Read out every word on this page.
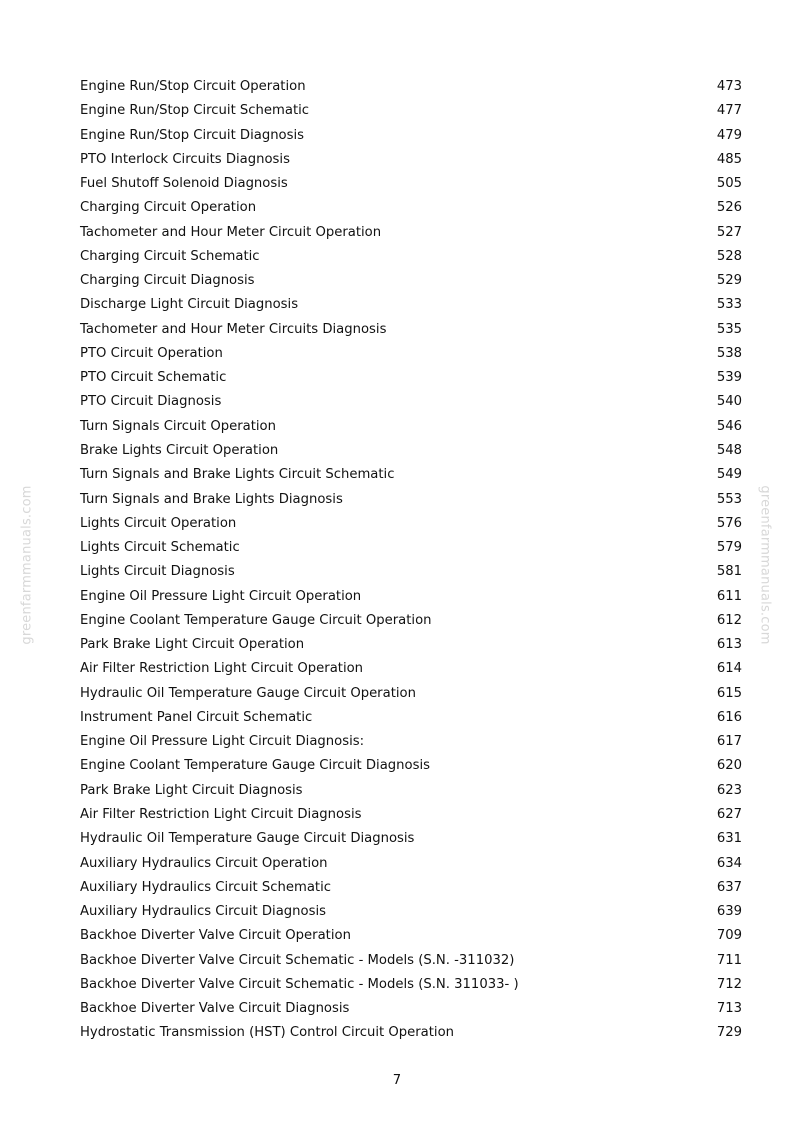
greenfarmmanuals.com	greenfarmmanuals.com
Engine Run/Stop Circuit Operation	473
Engine Run/Stop Circuit Schematic	477
Engine Run/Stop Circuit Diagnosis	479
PTO Interlock Circuits Diagnosis	485
Fuel Shutoff Solenoid Diagnosis	505
Charging Circuit Operation	526
Tachometer and Hour Meter Circuit Operation	527
Charging Circuit Schematic	528
Charging Circuit Diagnosis	529
Discharge Light Circuit Diagnosis	533
Tachometer and Hour Meter Circuits Diagnosis	535
PTO Circuit Operation	538
PTO Circuit Schematic	539
PTO Circuit Diagnosis	540
Turn Signals Circuit Operation	546
Brake Lights Circuit Operation	548
Turn Signals and Brake Lights Circuit Schematic	549
Turn Signals and Brake Lights Diagnosis	553
Lights Circuit Operation	576
Lights Circuit Schematic	579
Lights Circuit Diagnosis	581
Engine Oil Pressure Light Circuit Operation	611
Engine Coolant Temperature Gauge Circuit Operation	612
Park Brake Light Circuit Operation	613
Air Filter Restriction Light Circuit Operation	614
Hydraulic Oil Temperature Gauge Circuit Operation	615
Instrument Panel Circuit Schematic	616
Engine Oil Pressure Light Circuit Diagnosis:	617
Engine Coolant Temperature Gauge Circuit Diagnosis	620
Park Brake Light Circuit Diagnosis	623
Air Filter Restriction Light Circuit Diagnosis	627
Hydraulic Oil Temperature Gauge Circuit Diagnosis	631
Auxiliary Hydraulics Circuit Operation	634
Auxiliary Hydraulics Circuit Schematic	637
Auxiliary Hydraulics Circuit Diagnosis	639
Backhoe Diverter Valve Circuit Operation	709
Backhoe Diverter Valve Circuit Schematic - Models (S.N. -311032)	711
Backhoe Diverter Valve Circuit Schematic - Models (S.N. 311033- )	712
Backhoe Diverter Valve Circuit Diagnosis	713
Hydrostatic Transmission (HST) Control Circuit Operation	729
7
